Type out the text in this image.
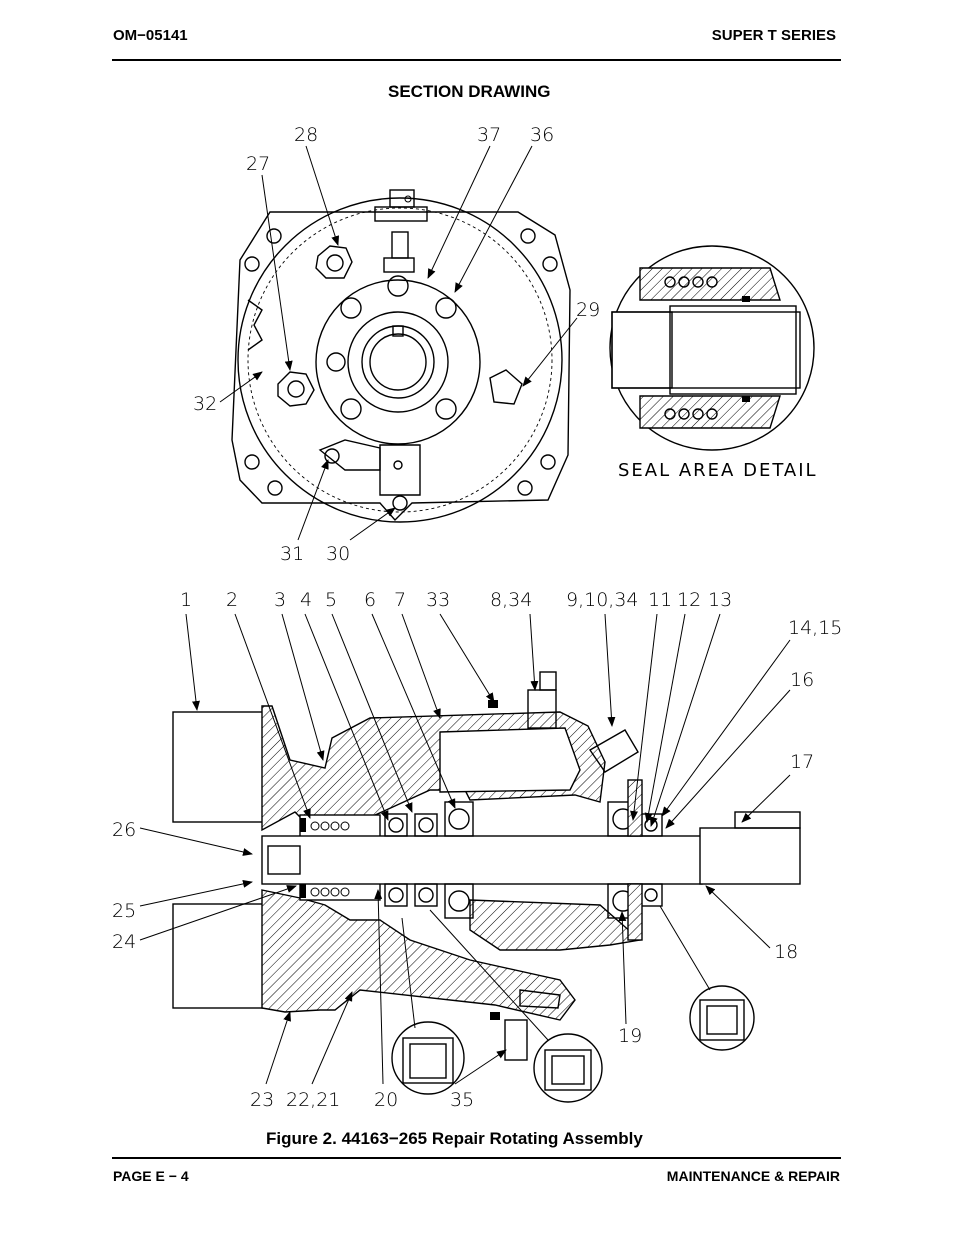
OM−05141	SUPER T SERIES
SECTION DRAWING
SEAL AREA DETAIL
28	37 36
27
29
32
31 30
1 2 3 4 5 6 7 33 8,34 9,10,34 11 12 13
14,15
16
17
26
25
24	18
19
23 22,21 20	35
Figure 2. 44163−265 Repair Rotating Assembly
PAGE E − 4	MAINTENANCE & REPAIR
